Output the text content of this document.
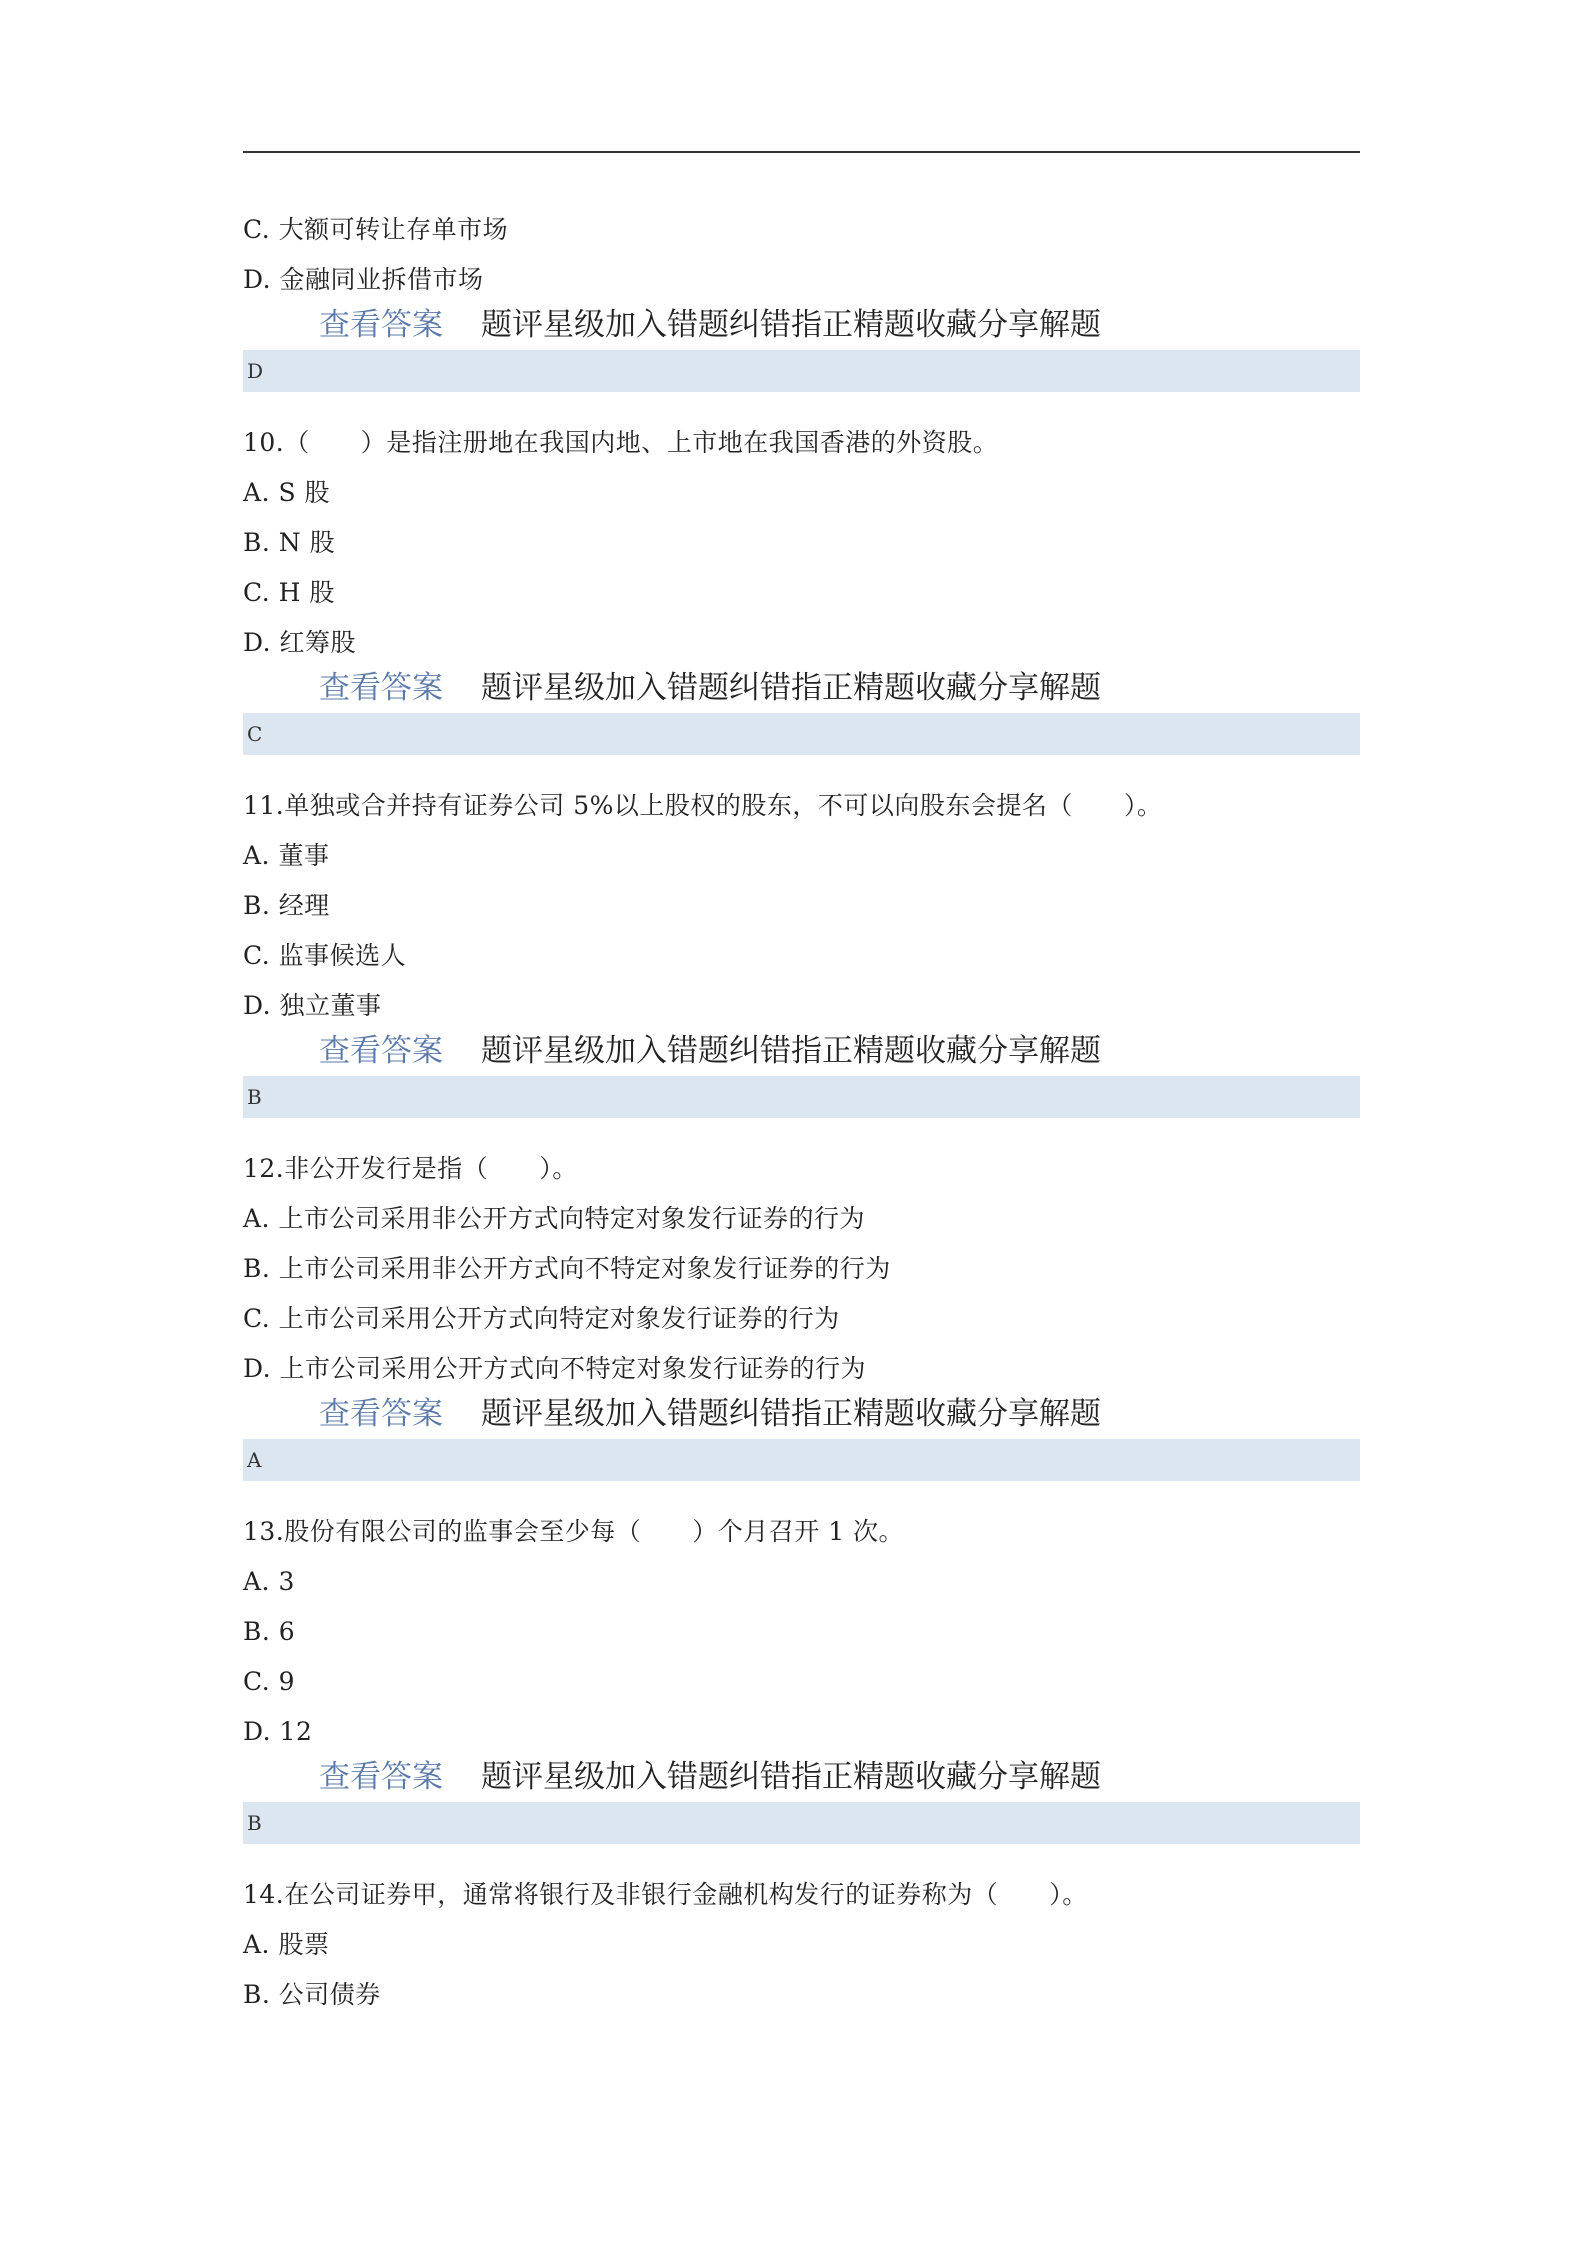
C. 大额可转让存单市场
D. 金融同业拆借市场
查看答案 题评星级加入错题纠错指正精题收藏分享解题
D
10.（　　）是指注册地在我国内地、上市地在我国香港的外资股。
A. S 股
B. N 股
C. H 股
D. 红筹股
查看答案 题评星级加入错题纠错指正精题收藏分享解题
C
11.单独或合并持有证券公司 5%以上股权的股东，不可以向股东会提名（　　）。
A. 董事
B. 经理
C. 监事候选人
D. 独立董事
查看答案 题评星级加入错题纠错指正精题收藏分享解题
B
12.非公开发行是指（　　）。
A. 上市公司采用非公开方式向特定对象发行证券的行为
B. 上市公司采用非公开方式向不特定对象发行证券的行为
C. 上市公司采用公开方式向特定对象发行证券的行为
D. 上市公司采用公开方式向不特定对象发行证券的行为
查看答案 题评星级加入错题纠错指正精题收藏分享解题
A
13.股份有限公司的监事会至少每（　　）个月召开 1 次。
A. 3
B. 6
C. 9
D. 12
查看答案 题评星级加入错题纠错指正精题收藏分享解题
B
14.在公司证券甲，通常将银行及非银行金融机构发行的证券称为（　　）。
A. 股票
B. 公司债券
